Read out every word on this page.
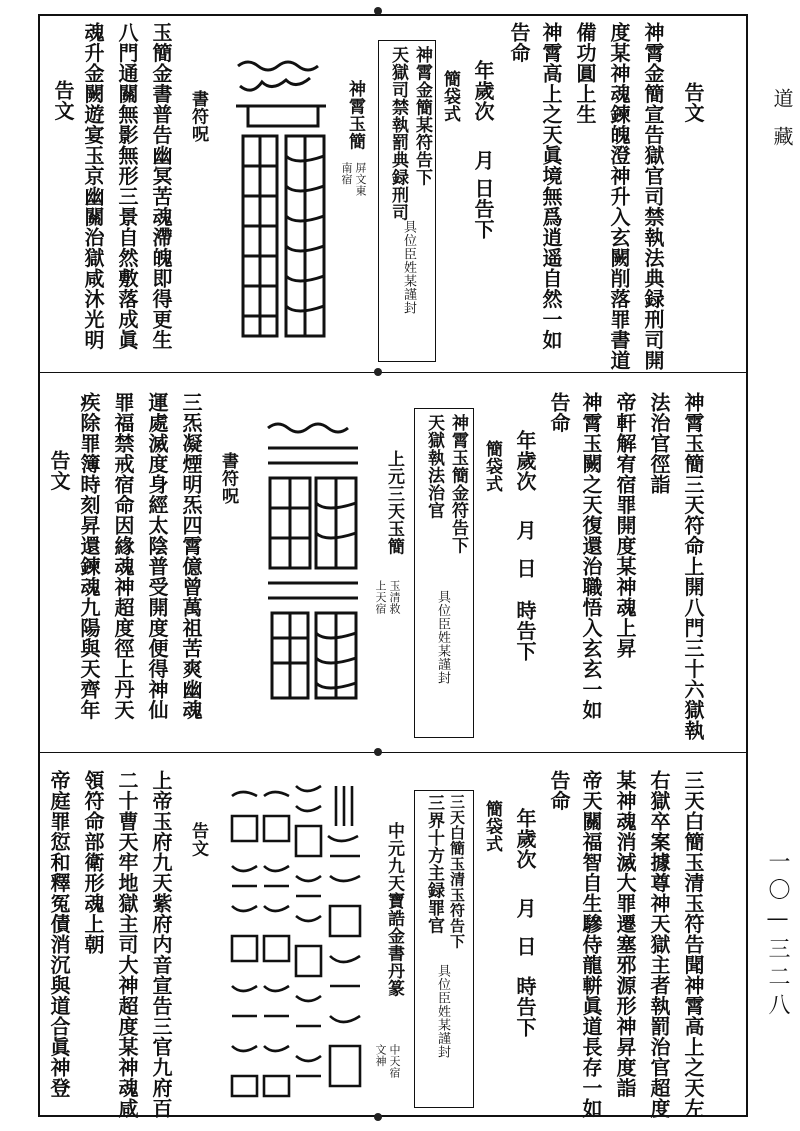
道藏
一〇—三二八
告文
神霄金簡宣告獄官司禁執法典録刑司開
度某神魂鍊魄澄神升入玄闕削落罪書道
備功圓上生
神霄高上之天眞境無爲逍遥自然一如
告命
年歲次
月
日告下
簡袋式
神霄金簡某符告下
天獄司禁執罰典録刑司
具位臣姓某謹封
神霄玉簡
屏文東
南宿
書符呪
玉簡金書普告幽冥苦魂滯魄即得更生
八門通關無影無形三景自然敷落成眞
魂升金闕遊宴玉京幽關治獄咸沐光明
告文
神霄玉簡三天符命上開八門三十六獄執
法治官徑詣
帝軒解宥宿罪開度某神魂上昇
神霄玉闕之天復還治職悟入玄玄一如
告命
年歲次
月
日
時告下
簡袋式
神霄玉簡金符告下
天獄執法治官
具位臣姓某謹封
上元三天玉簡
上天宿 玉清救
書符呪
三炁凝煙明炁四霄億曾萬祖苦爽幽魂
運處滅度身經太陰普受開度便得神仙
罪福禁戒宿命因緣魂神超度徑上丹天
疾除罪簿時刻昇還鍊魂九陽與天齊年
告文
三天白簡玉清玉符告聞神霄高上之天左
右獄卒案據尊神天獄主者執罰治官超度
某神魂消滅大罪遷塞邪源形神昇度詣
帝天關福智自生驂侍龍軿眞道長存一如
告命
年歲次
月
日
時告下
簡袋式
三天白簡玉清玉符告下
三界十方主録罪官
具位臣姓某謹封
中元九天寶誥金書丹篆
中天宿
文神
告文
上帝玉府九天紫府内音宣告三官九府百
二十曹天牢地獄主司大神超度某神魂咸
領符命部衛形魂上朝
帝庭罪愆和釋冤債消沉與道合眞神登
